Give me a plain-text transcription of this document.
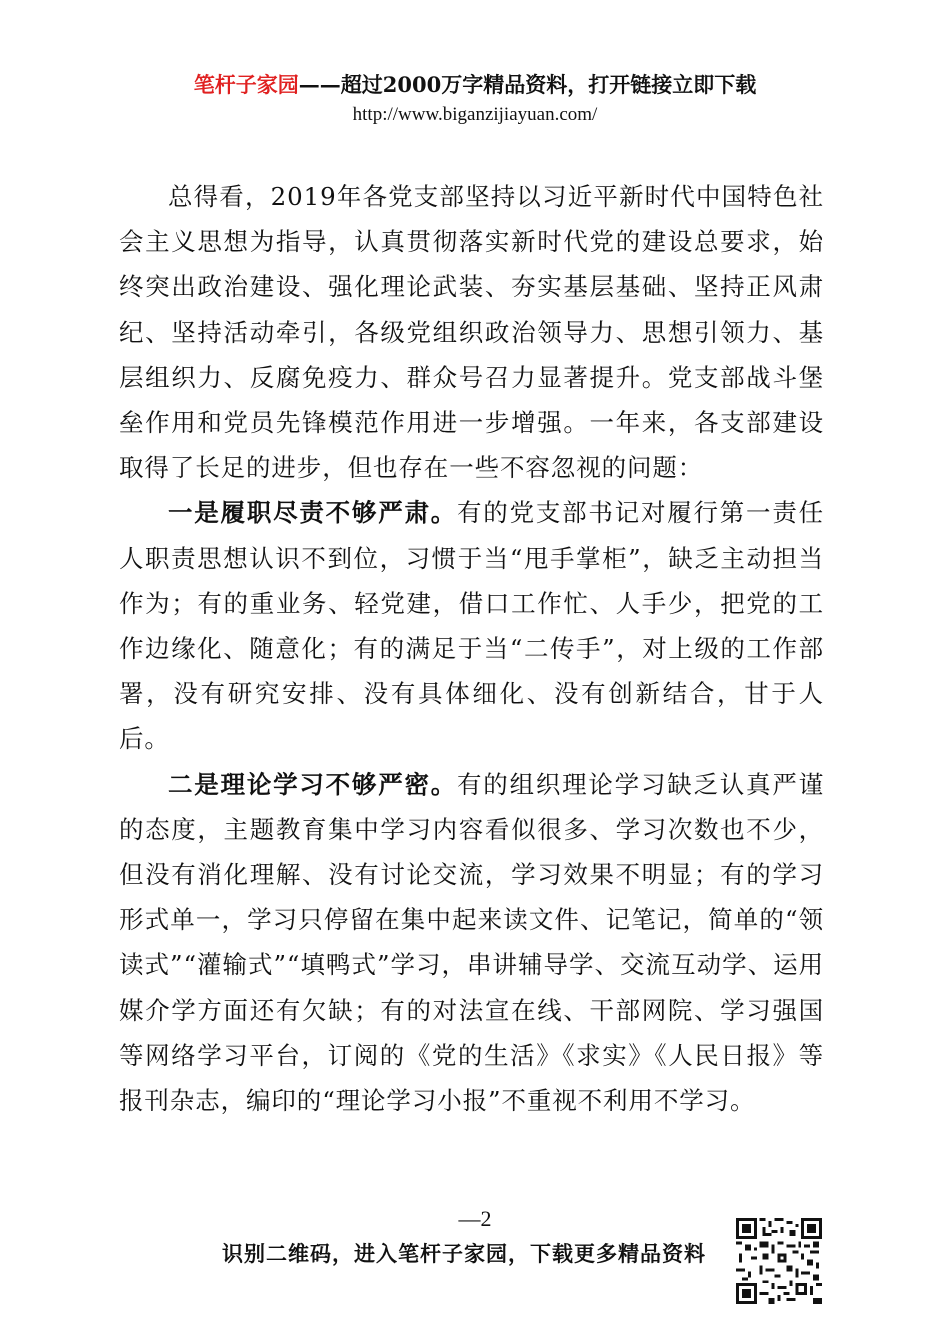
笔杆子家园——超过2000万字精品资料，打开链接立即下载
http://www.biganzijiayuan.com/

总得看，2019年各党支部坚持以习近平新时代中国特色社会主义思想为指导，认真贯彻落实新时代党的建设总要求，始终突出政治建设、强化理论武装、夯实基层基础、坚持正风肃纪、坚持活动牵引，各级党组织政治领导力、思想引领力、基层组织力、反腐免疫力、群众号召力显著提升。党支部战斗堡垒作用和党员先锋模范作用进一步增强。一年来，各支部建设取得了长足的进步，但也存在一些不容忽视的问题：

一是履职尽责不够严肃。有的党支部书记对履行第一责任人职责思想认识不到位，习惯于当“甩手掌柜”，缺乏主动担当作为；有的重业务、轻党建，借口工作忙、人手少，把党的工作边缘化、随意化；有的满足于当“二传手”，对上级的工作部署，没有研究安排、没有具体细化、没有创新结合，甘于人后。

二是理论学习不够严密。有的组织理论学习缺乏认真严谨的态度，主题教育集中学习内容看似很多、学习次数也不少，但没有消化理解、没有讨论交流，学习效果不明显；有的学习形式单一，学习只停留在集中起来读文件、记笔记，简单的“领读式”“灌输式”“填鸭式”学习，串讲辅导学、交流互动学、运用媒介学方面还有欠缺；有的对法宣在线、干部网院、学习强国等网络学习平台，订阅的《党的生活》《求实》《人民日报》等报刊杂志，编印的“理论学习小报”不重视不利用不学习。

—2
识别二维码，进入笔杆子家园，下载更多精品资料
